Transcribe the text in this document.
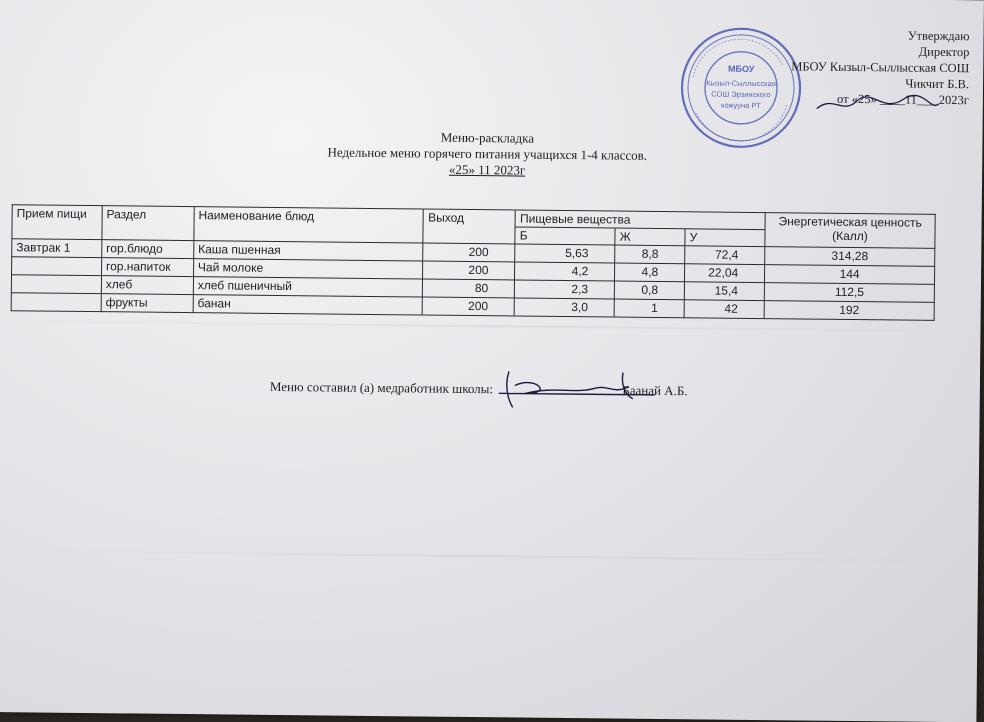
МБОУ
Кызыл-Сыллысская
СОШ Эрзинского
кожууна РТ
Утверждаю
Директор
МБОУ Кызыл-Сыллысская СОШ
Чикчит Б.В.
от «25» ____11___ 2023г
Меню-раскладка
Недельное меню горячего питания учащихся 1-4 классов.
«25» 11 2023г
Прием пищи	Раздел	Наименование блюд	Выход	Пищевые вещества			Энергетическая ценность (Калл)
				Б	Ж	У	
Завтрак 1	гор.блюдо	Каша пшенная	200	5,63	8,8	72,4	314,28
	гор.напиток	Чай молоке	200	4,2	4,8	22,04	144
	хлеб	хлеб пшеничный	80	2,3	0,8	15,4	112,5
	фрукты	банан	200	3,0	1	42	192
Меню составил (а) медработник школы:	Баанай А.Б.
